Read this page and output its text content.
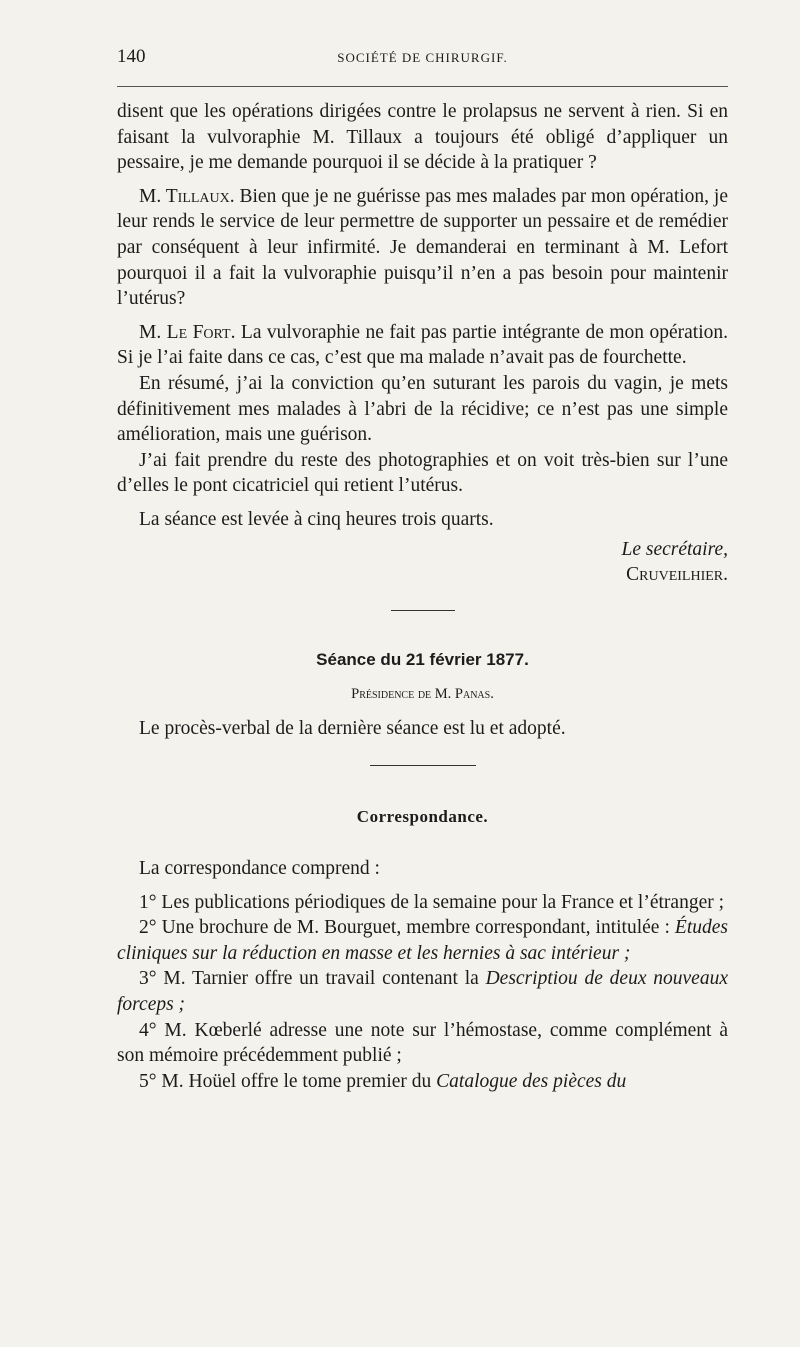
140	SOCIÉTÉ DE CHIRURGIF.

disent que les opérations dirigées contre le prolapsus ne servent à rien. Si en faisant la vulvoraphie M. Tillaux a toujours été obligé d’appliquer un pessaire, je me demande pourquoi il se décide à la pratiquer ?

M. Tillaux. Bien que je ne guérisse pas mes malades par mon opération, je leur rends le service de leur permettre de supporter un pessaire et de remédier par conséquent à leur infirmité. Je demanderai en terminant à M. Lefort pourquoi il a fait la vulvoraphie puisqu’il n’en a pas besoin pour maintenir l’utérus?

M. Le Fort. La vulvoraphie ne fait pas partie intégrante de mon opération. Si je l’ai faite dans ce cas, c’est que ma malade n’avait pas de fourchette.

En résumé, j’ai la conviction qu’en suturant les parois du vagin, je mets définitivement mes malades à l’abri de la récidive; ce n’est pas une simple amélioration, mais une guérison.

J’ai fait prendre du reste des photographies et on voit très-bien sur l’une d’elles le pont cicatriciel qui retient l’utérus.

La séance est levée à cinq heures trois quarts.

Le secrétaire,

Cruveilhier.

Séance du 21 février 1877.

Présidence de M. Panas.

Le procès-verbal de la dernière séance est lu et adopté.

Correspondance.

La correspondance comprend :

1° Les publications périodiques de la semaine pour la France et l’étranger ;

2° Une brochure de M. Bourguet, membre correspondant, intitulée : Études cliniques sur la réduction en masse et les hernies à sac intérieur ;

3° M. Tarnier offre un travail contenant la Descriptiou de deux nouveaux forceps ;

4° M. Kœberlé adresse une note sur l’hémostase, comme complément à son mémoire précédemment publié ;

5° M. Hoüel offre le tome premier du Catalogue des pièces du
